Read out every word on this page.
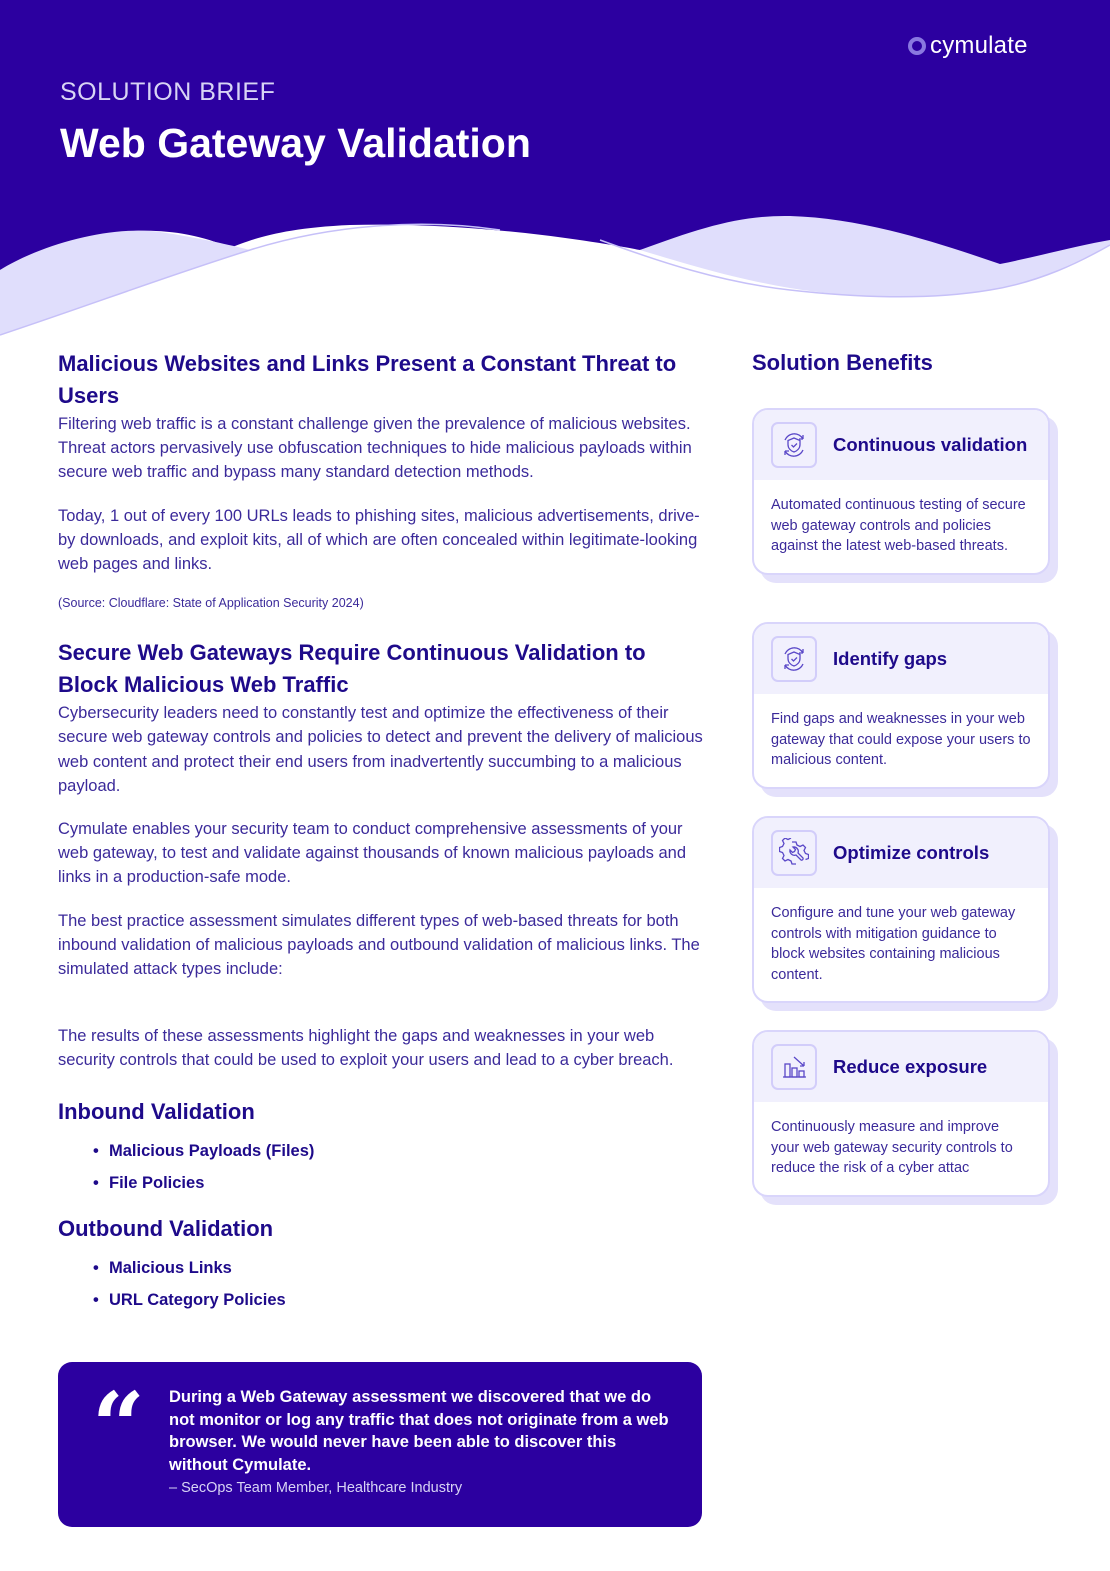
cymulate
SOLUTION BRIEF
Web Gateway Validation
Malicious Websites and Links Present a Constant Threat to Users

Filtering web traffic is a constant challenge given the prevalence of malicious websites. Threat actors pervasively use obfuscation techniques to hide malicious payloads within secure web traffic and bypass many standard detection methods.

Today, 1 out of every 100 URLs leads to phishing sites, malicious advertisements, drive-by downloads, and exploit kits, all of which are often concealed within legitimate-looking web pages and links.

(Source: Cloudflare: State of Application Security 2024)

Secure Web Gateways Require Continuous Validation to Block Malicious Web Traffic

Cybersecurity leaders need to constantly test and optimize the effectiveness of their secure web gateway controls and policies to detect and prevent the delivery of malicious web content and protect their end users from inadvertently succumbing to a malicious payload.

Cymulate enables your security team to conduct comprehensive assessments of your web gateway, to test and validate against thousands of known malicious payloads and links in a production-safe mode.

The best practice assessment simulates different types of web-based threats for both inbound validation of malicious payloads and outbound validation of malicious links. The simulated attack types include:

The results of these assessments highlight the gaps and weaknesses in your web security controls that could be used to exploit your users and lead to a cyber breach.

Inbound Validation
• Malicious Payloads (Files)
• File Policies
Outbound Validation
• Malicious Links
• URL Category Policies
“ During a Web Gateway assessment we discovered that we do not monitor or log any traffic that does not originate from a web browser. We would never have been able to discover this without Cymulate.

– SecOps Team Member, Healthcare Industry

Solution Benefits
Continuous validation

Automated continuous testing of secure web gateway controls and policies against the latest web-based threats.

Identify gaps

Find gaps and weaknesses in your web gateway that could expose your users to malicious content.

Optimize controls

Configure and tune your web gateway controls with mitigation guidance to block websites containing malicious content.

Reduce exposure

Continuously measure and improve your web gateway security controls to reduce the risk of a cyber attac
